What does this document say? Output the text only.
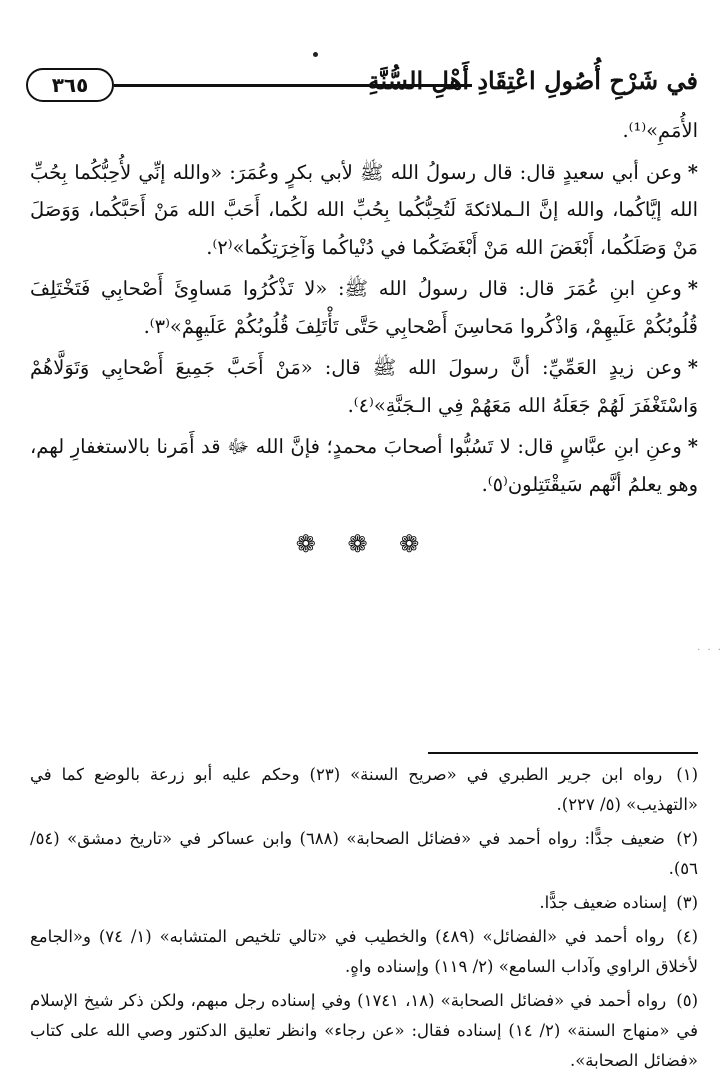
٣٦٥	في شَرْحِ أُصُولِ اعْتِقَادِ أَهْلِ السُّنَّةِ

الأُمَمِ»⁽¹⁾.

*وعن أبي سعيدٍ قال: قال رسولُ الله ﷺ لأبي بكرٍ وعُمَرَ: «والله إنِّي لأُحِبُّكُما بِحُبِّ الله إيَّاكُما، والله إنَّ الـملائكةَ لَتُحِبُّكُما بِحُبِّ الله لكُما، أَحَبَّ الله مَنْ أَحَبَّكُما، وَوَصَلَ مَنْ وَصَلَكُما، أَبْغَضَ الله مَنْ أَبْغَضَكُما في دُنْياكُما وَآخِرَتِكُما»⁽٢⁾.

*وعنِ ابنِ عُمَرَ قال: قال رسولُ الله ﷺ: «لا تَذْكُرُوا مَساوِئَ أَصْحابِي فَتَخْتَلِفَ قُلُوبُكُمْ عَلَيهِمْ، وَاذْكُروا مَحاسِنَ أَصْحابِي حَتَّى تَأْتَلِفَ قُلُوبُكُمْ عَلَيهِمْ»⁽٣⁾.

*وعن زيدٍ العَمِّيِّ: أنَّ رسولَ الله ﷺ قال: «مَنْ أَحَبَّ جَمِيعَ أَصْحابِي وَتَوَلَّاهُمْ وَاسْتَغْفَرَ لَهُمْ جَعَلَهُ الله مَعَهُمْ فِي الـجَنَّةِ»⁽٤⁾.

*وعنِ ابنِ عبَّاسٍ قال: لا تَسُبُّوا أصحابَ محمدٍ؛ فإنَّ الله ﷻ قد أَمَرنا بالاستغفارِ لهم، وهو يعلمُ أنَّهم سَيقْتَتِلون⁽٥⁾.

❁ ❁ ❁
· · ·

(١) رواه ابن جرير الطبري في «صريح السنة» (٢٣) وحكم عليه أبو زرعة بالوضع كما في «التهذيب» (٥/ ٢٢٧).

(٢) ضعيف جدًّا: رواه أحمد في «فضائل الصحابة» (٦٨٨) وابن عساكر في «تاريخ دمشق» (٥٤/ ٥٦).

(٣) إسناده ضعيف جدًّا.

(٤) رواه أحمد في «الفضائل» (٤٨٩) والخطيب في «تالي تلخيص المتشابه» (١/ ٧٤) و«الجامع لأخلاق الراوي وآداب السامع» (٢/ ١١٩) وإسناده واهٍ.

(٥) رواه أحمد في «فضائل الصحابة» (١٨، ١٧٤١) وفي إسناده رجل مبهم، ولكن ذكر شيخ الإسلام في «منهاج السنة» (٢/ ١٤) إسناده فقال: «عن رجاء» وانظر تعليق الدكتور وصي الله على كتاب «فضائل الصحابة».
